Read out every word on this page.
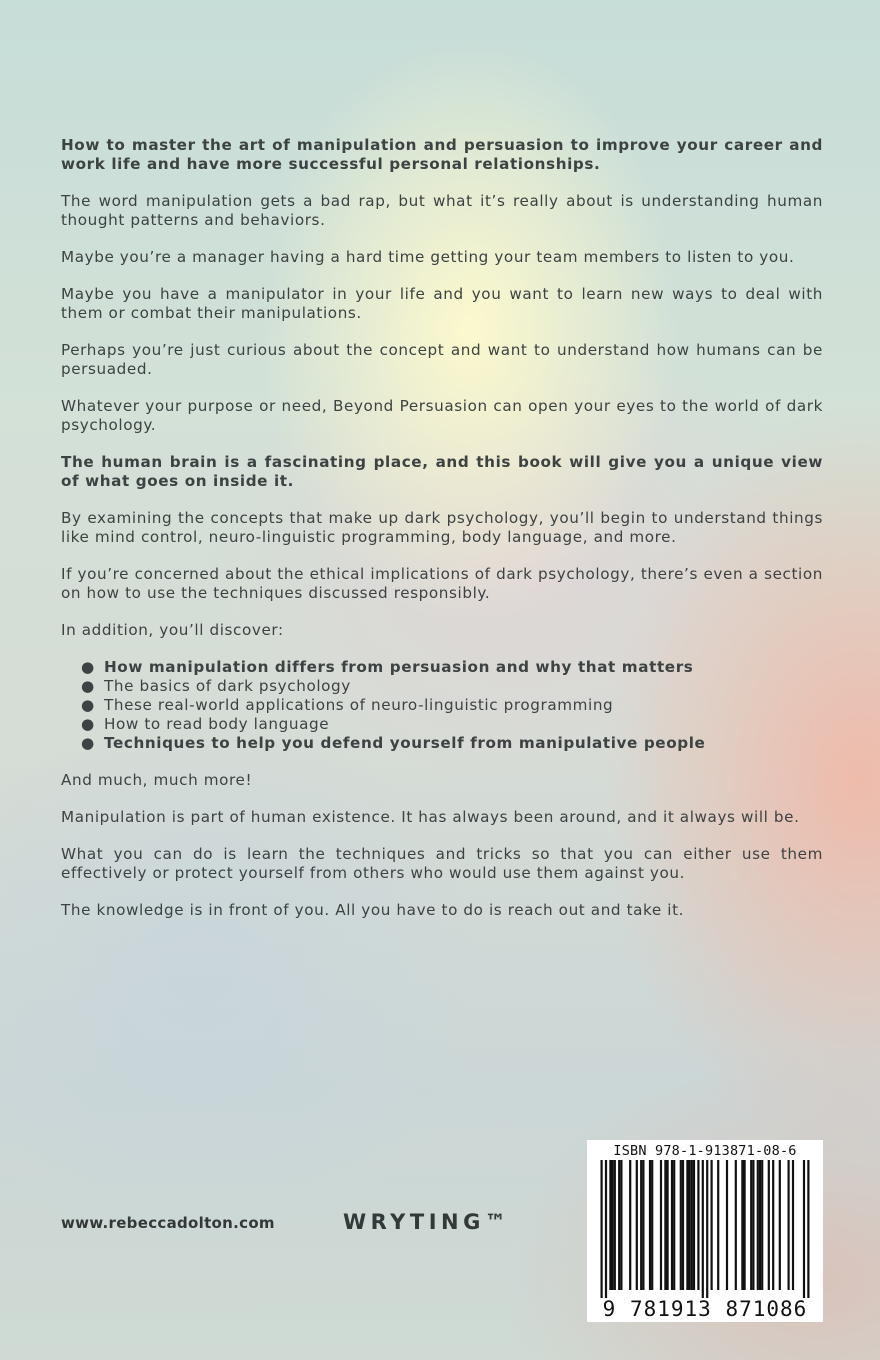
How to master the art of manipulation and persuasion to improve your career and work life and have more successful personal relationships.

The word manipulation gets a bad rap, but what it’s really about is understanding human thought patterns and behaviors.

Maybe you’re a manager having a hard time getting your team members to listen to you.

Maybe you have a manipulator in your life and you want to learn new ways to deal with them or combat their manipulations.

Perhaps you’re just curious about the concept and want to understand how humans can be persuaded.

Whatever your purpose or need, Beyond Persuasion can open your eyes to the world of dark psychology.

The human brain is a fascinating place, and this book will give you a unique view of what goes on inside it.

By examining the concepts that make up dark psychology, you’ll begin to understand things like mind control, neuro-linguistic programming, body language, and more.

If you’re concerned about the ethical implications of dark psychology, there’s even a section on how to use the techniques discussed responsibly.

In addition, you’ll discover:

● How manipulation differs from persuasion and why that matters
● The basics of dark psychology
● These real-world applications of neuro-linguistic programming
● How to read body language
● Techniques to help you defend yourself from manipulative people

And much, much more!

Manipulation is part of human existence. It has always been around, and it always will be.

What you can do is learn the techniques and tricks so that you can either use them effectively or protect yourself from others who would use them against you.

The knowledge is in front of you. All you have to do is reach out and take it.

www.rebeccadolton.com	WRYTING™
ISBN 978-1-913871-08-6
9 781913 871086
